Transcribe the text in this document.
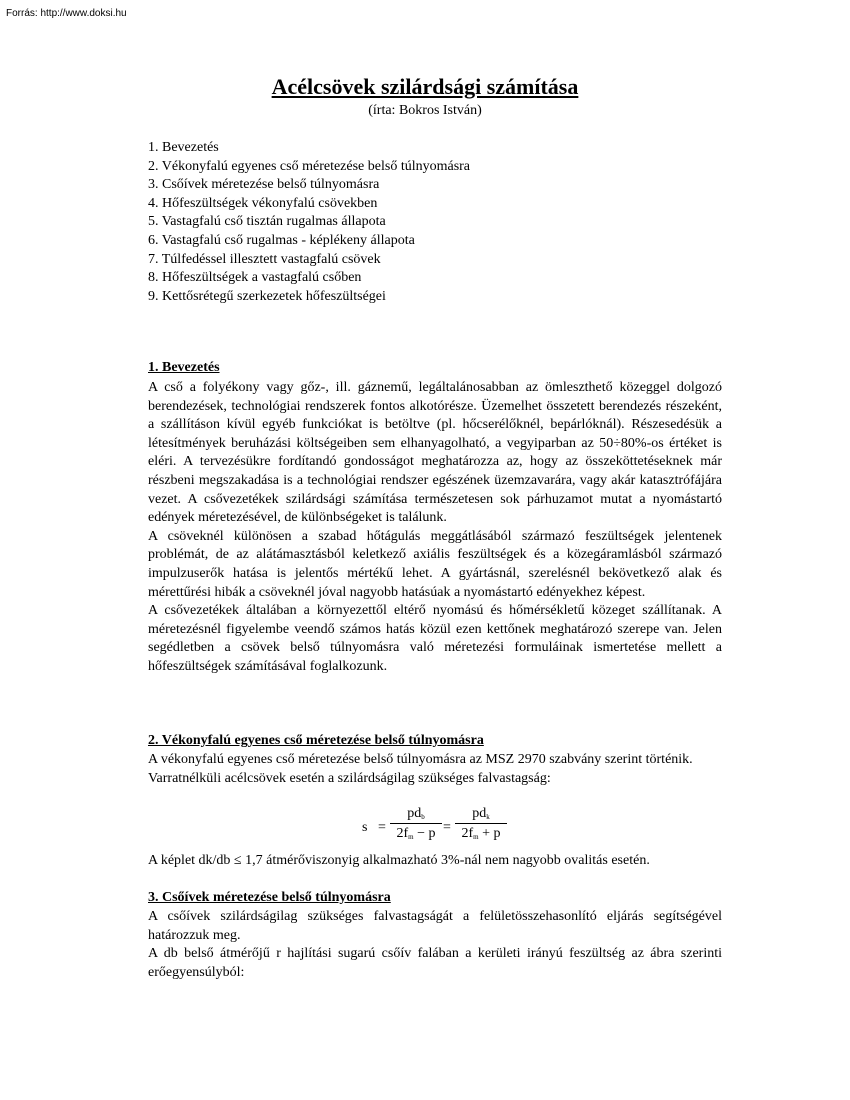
Forrás: http://www.doksi.hu
Acélcsövek szilárdsági számítása
(írta: Bokros István)
1. Bevezetés
2. Vékonyfalú egyenes cső méretezése belső túlnyomásra
3. Csőívek méretezése belső túlnyomásra
4. Hőfeszültségek vékonyfalú csövekben
5. Vastagfalú cső tisztán rugalmas állapota
6. Vastagfalú cső rugalmas - képlékeny állapota
7. Túlfedéssel illesztett vastagfalú csövek
8. Hőfeszültségek a vastagfalú csőben
9. Kettősrétegű szerkezetek hőfeszültségei
1. Bevezetés

A cső a folyékony vagy gőz-, ill. gáznemű, legáltalánosabban az ömleszthető közeggel dolgozó berendezések, technológiai rendszerek fontos alkotórésze. Üzemelhet összetett berendezés részeként, a szállításon kívül egyéb funkciókat is betöltve (pl. hőcserélőknél, bepárlóknál). Részesedésük a létesítmények beruházási költségeiben sem elhanyagolható, a vegyiparban az 50÷80%-os értéket is eléri. A tervezésükre fordítandó gondosságot meghatározza az, hogy az összeköttetéseknek már részbeni megszakadása is a technológiai rendszer egészének üzemzavarára, vagy akár katasztrófájára vezet. A csővezetékek szilárdsági számítása természetesen sok párhuzamot mutat a nyomástartó edények méretezésével, de különbségeket is találunk.

A csöveknél különösen a szabad hőtágulás meggátlásából származó feszültségek jelentenek problémát, de az alátámasztásból keletkező axiális feszültségek és a közegáramlásból származó impulzuserők hatása is jelentős mértékű lehet. A gyártásnál, szerelésnél bekövetkező alak és mérettűrési hibák a csöveknél jóval nagyobb hatásúak a nyomástartó edényekhez képest.

A csővezetékek általában a környezettől eltérő nyomású és hőmérsékletű közeget szállítanak. A méretezésnél figyelembe veendő számos hatás közül ezen kettőnek meghatározó szerepe van. Jelen segédletben a csövek belső túlnyomásra való méretezési formuláinak ismertetése mellett a hőfeszültségek számításával foglalkozunk.

2. Vékonyfalú egyenes cső méretezése belső túlnyomásra

A vékonyfalú egyenes cső méretezése belső túlnyomásra az MSZ 2970 szabvány szerint történik.

Varratnélküli acélcsövek esetén a szilárdságilag szükséges falvastagság:

s =
$pd_b$
$2f_m - p$ =
$pd_k$
$2f_m + p$
A képlet dk/db ≤ 1,7 átmérőviszonyig alkalmazható 3%-nál nem nagyobb ovalitás esetén.
3. Csőívek méretezése belső túlnyomásra

A csőívek szilárdságilag szükséges falvastagságát a felületösszehasonlító eljárás segítségével határozzuk meg.

A db belső átmérőjű r hajlítási sugarú csőív falában a kerületi irányú feszültség az ábra szerinti erőegyensúlyból:
